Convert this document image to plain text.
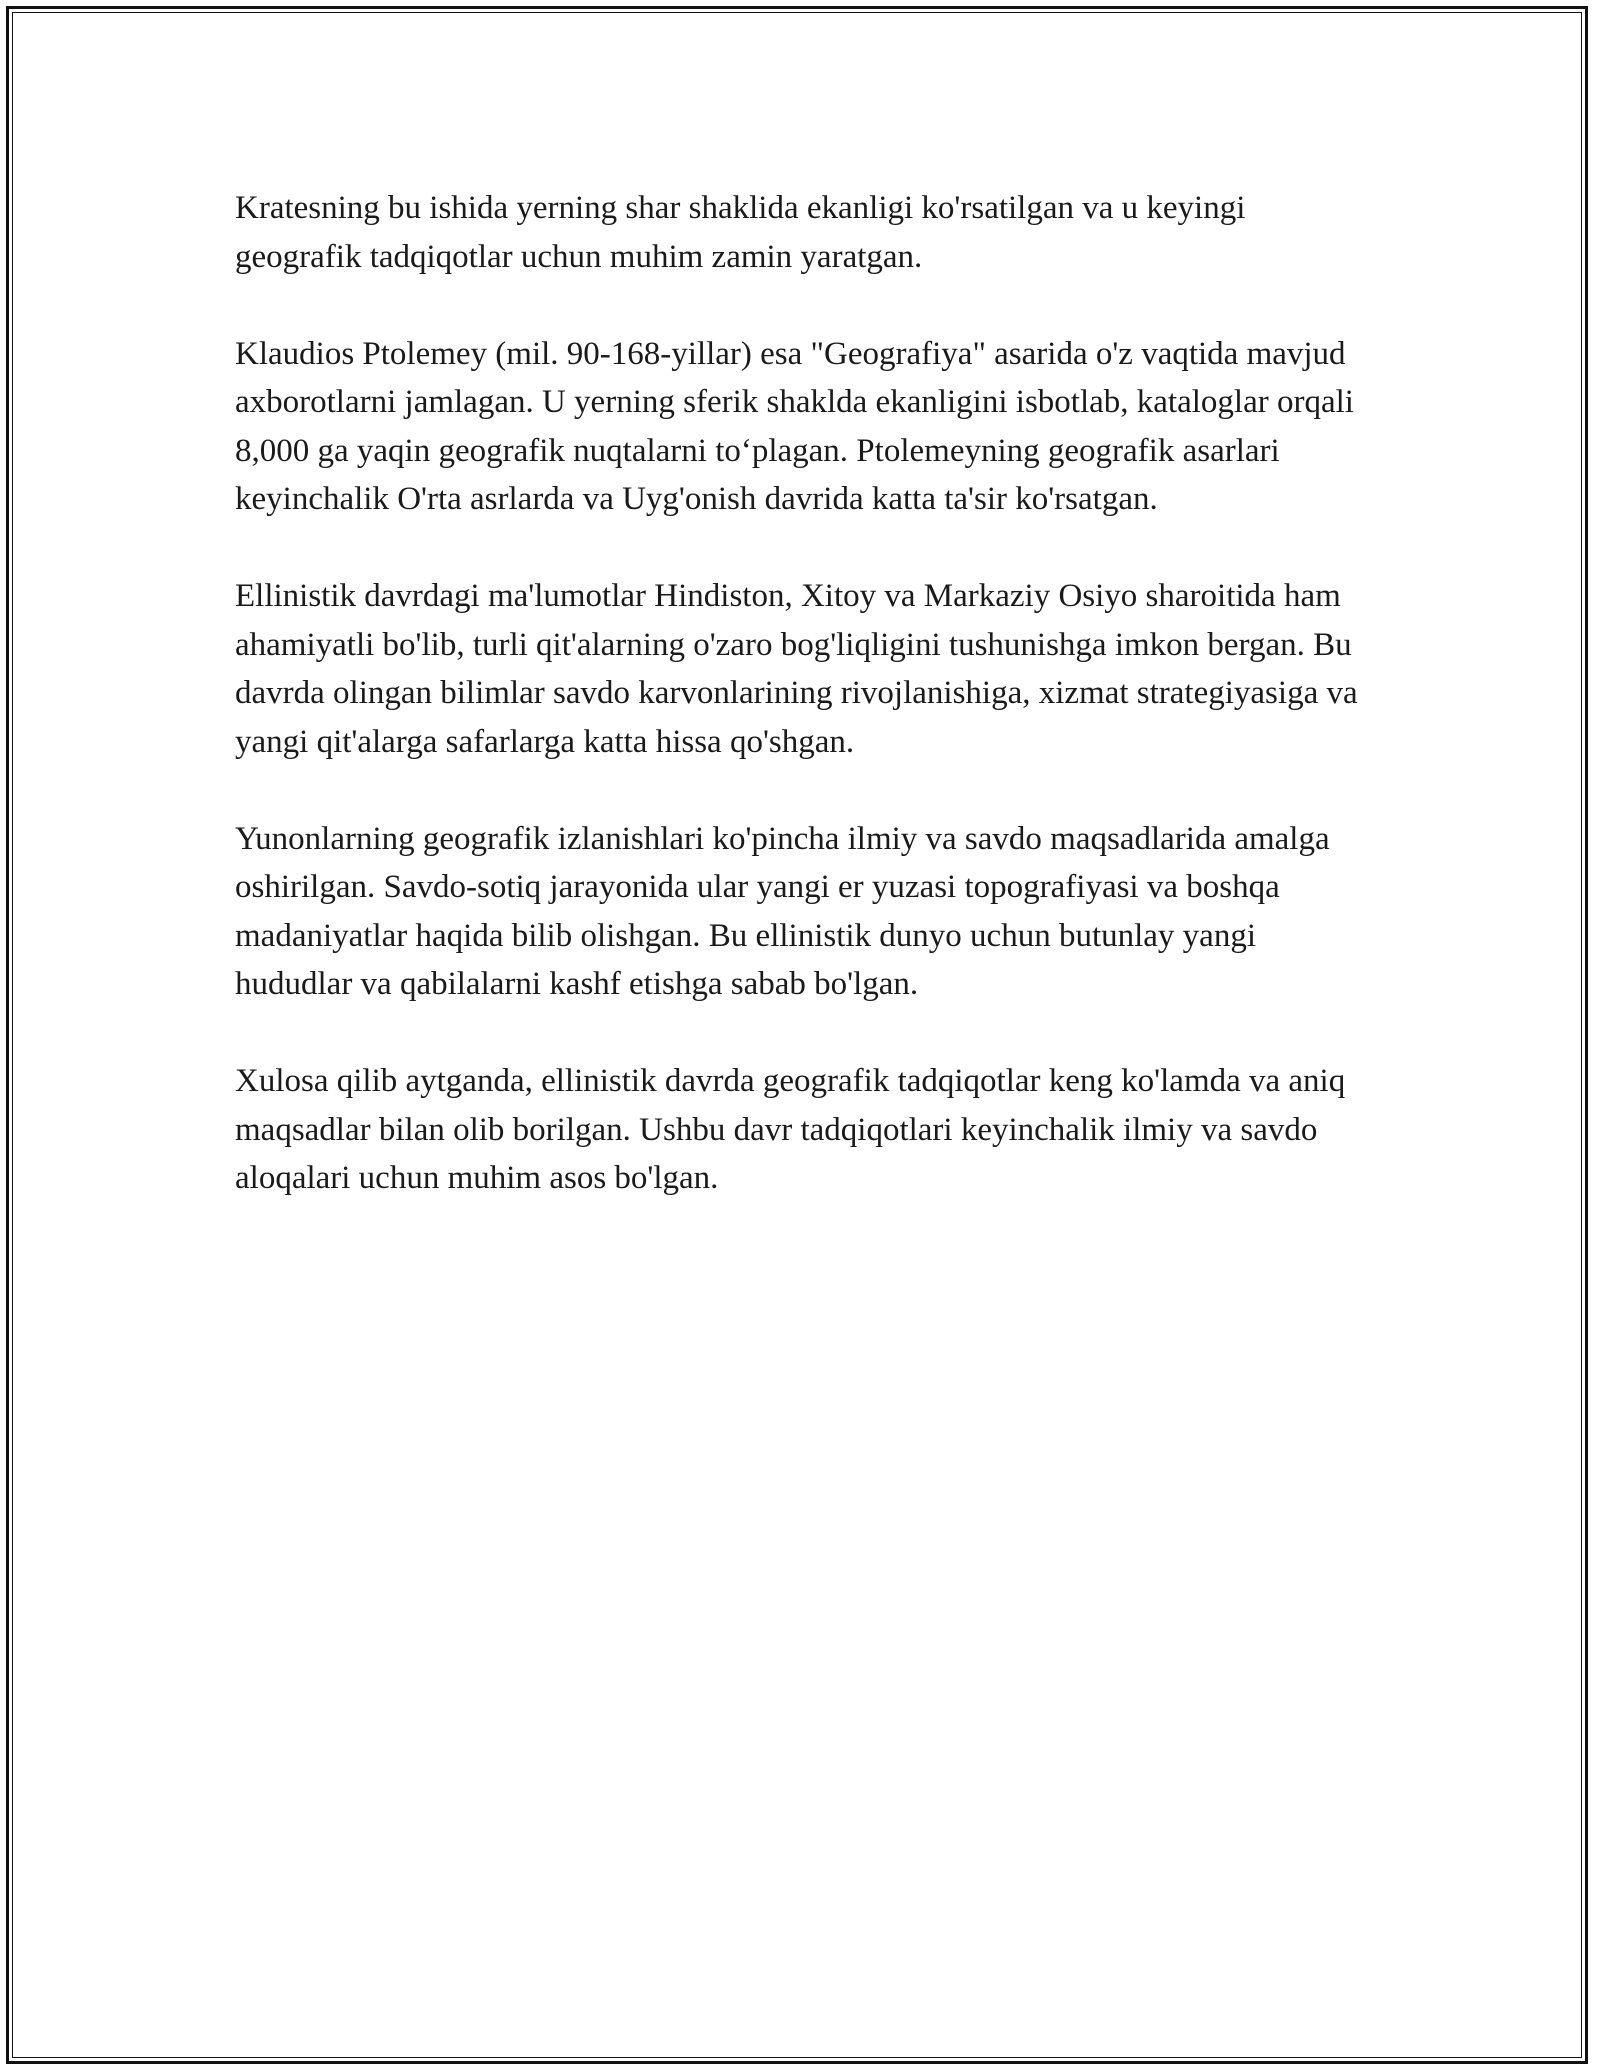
Kratesning bu ishida yerning shar shaklida ekanligi ko'rsatilgan va u keyingi geografik tadqiqotlar uchun muhim zamin yaratgan.

Klaudios Ptolemey (mil. 90-168-yillar) esa "Geografiya" asarida o'z vaqtida mavjud axborotlarni jamlagan. U yerning sferik shaklda ekanligini isbotlab, kataloglar orqali 8,000 ga yaqin geografik nuqtalarni to‘plagan. Ptolemeyning geografik asarlari keyinchalik O'rta asrlarda va Uyg'onish davrida katta ta'sir ko'rsatgan.

Ellinistik davrdagi ma'lumotlar Hindiston, Xitoy va Markaziy Osiyo sharoitida ham ahamiyatli bo'lib, turli qit'alarning o'zaro bog'liqligini tushunishga imkon bergan. Bu davrda olingan bilimlar savdo karvonlarining rivojlanishiga, xizmat strategiyasiga va yangi qit'alarga safarlarga katta hissa qo'shgan.

Yunonlarning geografik izlanishlari ko'pincha ilmiy va savdo maqsadlarida amalga oshirilgan. Savdo-sotiq jarayonida ular yangi er yuzasi topografiyasi va boshqa madaniyatlar haqida bilib olishgan. Bu ellinistik dunyo uchun butunlay yangi hududlar va qabilalarni kashf etishga sabab bo'lgan.

Xulosa qilib aytganda, ellinistik davrda geografik tadqiqotlar keng ko'lamda va aniq maqsadlar bilan olib borilgan. Ushbu davr tadqiqotlari keyinchalik ilmiy va savdo aloqalari uchun muhim asos bo'lgan.
